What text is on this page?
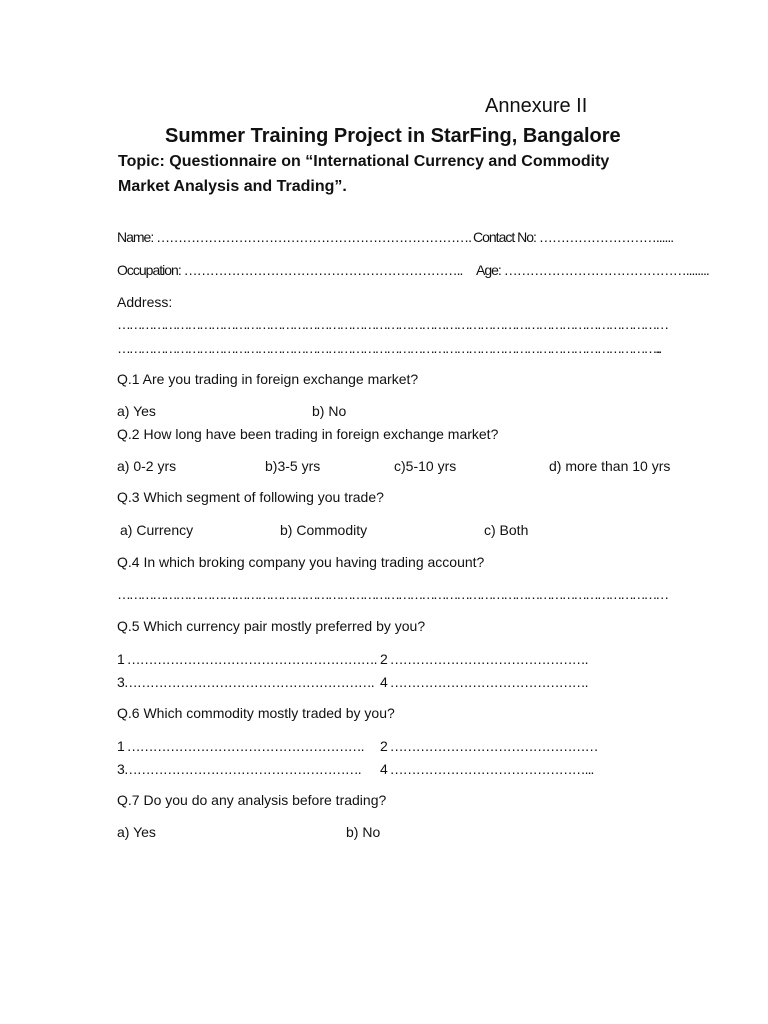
Annexure II
Summer Training Project in StarFing, Bangalore
Topic: Questionnaire on “International Currency and Commodity
Market Analysis and Trading”.
Name: ………………………………………………………………. Contact No: ………………………......
Occupation: ……………………………………………………….. Age: ……………………………………........
Address:
……………………………………………………………………………………………………………………………
…………………………………………………………………………………………………………………………...
Q.1 Are you trading in foreign exchange market?
a) Yes	b) No
Q.2 How long have been trading in foreign exchange market?
a) 0-2 yrs	b)3-5 yrs	c)5-10 yrs	d) more than 10 yrs
Q.3 Which segment of following you trade?
a) Currency	b) Commodity	c) Both
Q.4 In which broking company you having trading account?
……………………………………………………………………………………………………………………………
Q.5 Which currency pair mostly preferred by you?
1 …………………………………………………. 2 ……………………………………….
3…………………………………………………. 4 ……………………………………….
Q.6 Which commodity mostly traded by you?
1 ………………………………………………. 2 …………………………………………
3………………………………………………. 4 ………………………………………...
Q.7 Do you do any analysis before trading?
a) Yes	b) No
